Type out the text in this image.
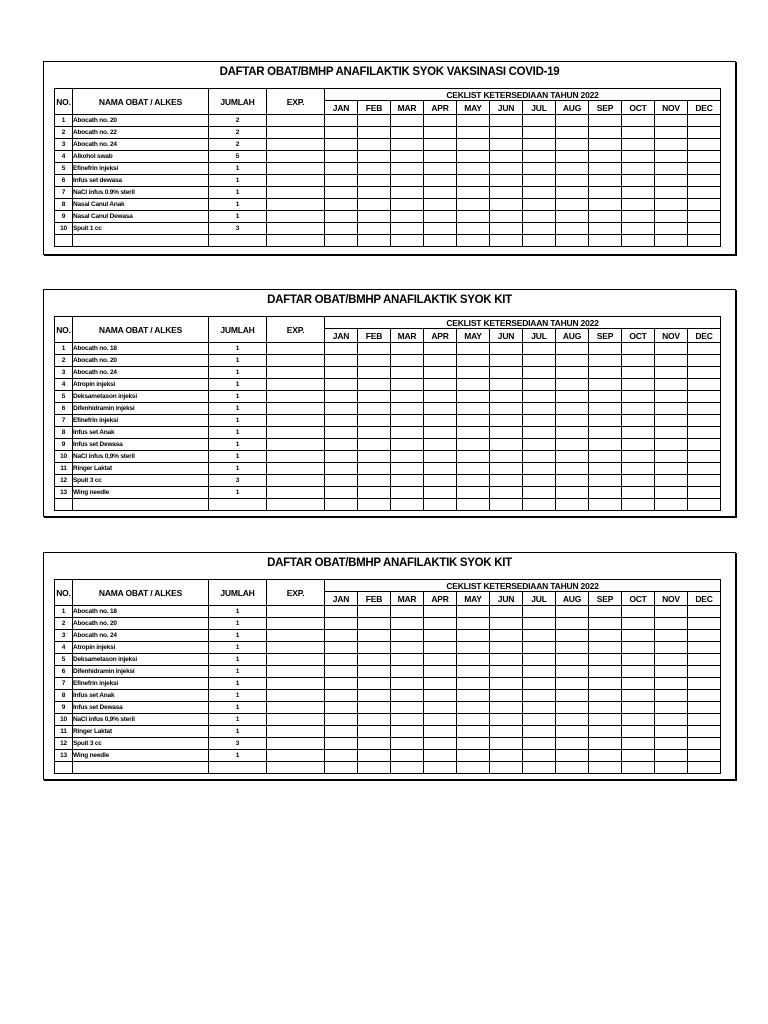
DAFTAR OBAT/BMHP ANAFILAKTIK SYOK VAKSINASI COVID-19
NO.	NAMA OBAT / ALKES	JUMLAH	EXP.	CEKLIST KETERSEDIAAN TAHUN 2022											
				JAN	FEB	MAR	APR	MAY	JUN	JUL	AUG	SEP	OCT	NOV	DEC
1	Abocath no. 20	2													
2	Abocath no. 22	2													
3	Abocath no. 24	2													
4	Alkohol swab	5													
5	Efinefrin injeksi	1													
6	Infus set dewasa	1													
7	NaCl infus 0.9% steril	1													
8	Nasal Canul Anak	1													
9	Nasal Canul Dewasa	1													
10	Spuit 1 cc	3													

DAFTAR OBAT/BMHP ANAFILAKTIK SYOK KIT
NO.	NAMA OBAT / ALKES	JUMLAH	EXP.	CEKLIST KETERSEDIAAN TAHUN 2022											
				JAN	FEB	MAR	APR	MAY	JUN	JUL	AUG	SEP	OCT	NOV	DEC
1	Abocath no. 18	1													
2	Abocath no. 20	1													
3	Abocath no. 24	1													
4	Atropin injeksi	1													
5	Deksametason injeksi	1													
6	Difenhidramin injeksi	1													
7	Efinefrin injeksi	1													
8	Infus set Anak	1													
9	Infus set Dewasa	1													
10	NaCl infus 0,9% steril	1													
11	Ringer Laktat	1													
12	Spuit 3 cc	3													
13	Wing needle	1													

DAFTAR OBAT/BMHP ANAFILAKTIK SYOK KIT
NO.	NAMA OBAT / ALKES	JUMLAH	EXP.	CEKLIST KETERSEDIAAN TAHUN 2022											
				JAN	FEB	MAR	APR	MAY	JUN	JUL	AUG	SEP	OCT	NOV	DEC
1	Abocath no. 18	1													
2	Abocath no. 20	1													
3	Abocath no. 24	1													
4	Atropin injeksi	1													
5	Deksametason injeksi	1													
6	Difenhidramin injeksi	1													
7	Efinefrin injeksi	1													
8	Infus set Anak	1													
9	Infus set Dewasa	1													
10	NaCl infus 0,9% steril	1													
11	Ringer Laktat	1													
12	Spuit 3 cc	3													
13	Wing needle	1													
